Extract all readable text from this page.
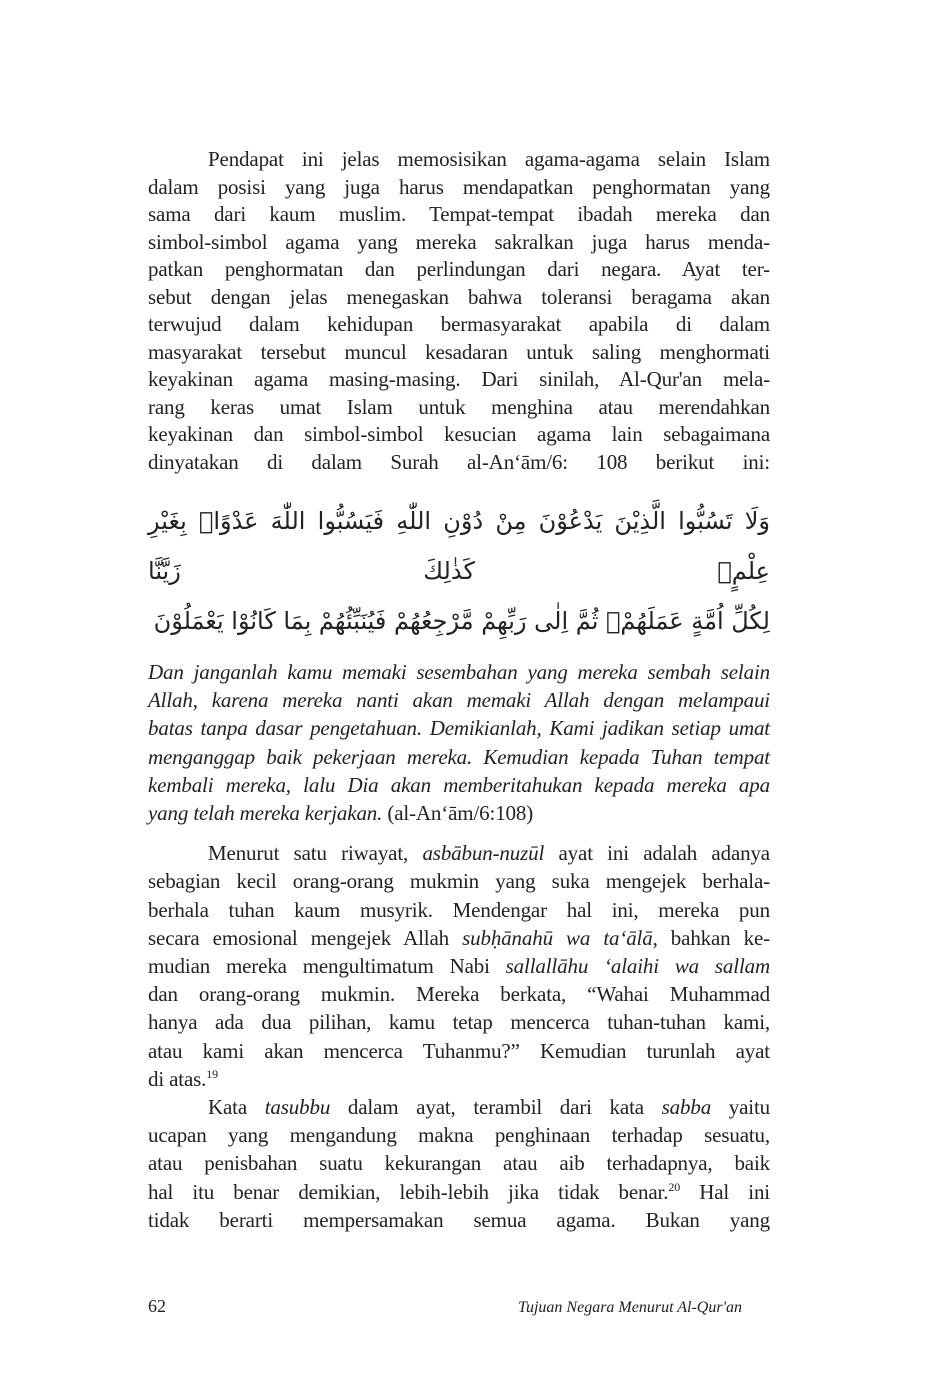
Pendapat ini jelas memosisikan agama-agama selain Islam
dalam posisi yang juga harus mendapatkan penghormatan yang
sama dari kaum muslim. Tempat-tempat ibadah mereka dan
simbol-simbol agama yang mereka sakralkan juga harus menda-
patkan penghormatan dan perlindungan dari negara. Ayat ter-
sebut dengan jelas menegaskan bahwa toleransi beragama akan
terwujud dalam kehidupan bermasyarakat apabila di dalam
masyarakat tersebut muncul kesadaran untuk saling menghormati
keyakinan agama masing-masing. Dari sinilah, Al-Qur'an mela-
rang keras umat Islam untuk menghina atau merendahkan
keyakinan dan simbol-simbol kesucian agama lain sebagaimana
dinyatakan di dalam Surah al-An‘ām/6: 108 berikut ini:
وَلَا تَسُبُّوا الَّذِيْنَ يَدْعُوْنَ مِنْ دُوْنِ اللّٰهِ فَيَسُبُّوا اللّٰهَ عَدْوًاۢ بِغَيْرِ عِلْمٍۗ كَذٰلِكَ زَيَّنَّا
لِكُلِّ اُمَّةٍ عَمَلَهُمْۖ ثُمَّ اِلٰى رَبِّهِمْ مَّرْجِعُهُمْ فَيُنَبِّئُهُمْ بِمَا كَانُوْا يَعْمَلُوْنَ
Dan janganlah kamu memaki sesembahan yang mereka sembah selain
Allah, karena mereka nanti akan memaki Allah dengan melampaui
batas tanpa dasar pengetahuan. Demikianlah, Kami jadikan setiap umat
menganggap baik pekerjaan mereka. Kemudian kepada Tuhan tempat
kembali mereka, lalu Dia akan memberitahukan kepada mereka apa
yang telah mereka kerjakan. (al-An‘ām/6:108)
Menurut satu riwayat, asbābun-nuzūl ayat ini adalah adanya
sebagian kecil orang-orang mukmin yang suka mengejek berhala-
berhala tuhan kaum musyrik. Mendengar hal ini, mereka pun
secara emosional mengejek Allah subḥānahū wa ta‘ālā, bahkan ke-
mudian mereka mengultimatum Nabi sallallāhu ‘alaihi wa sallam
dan orang-orang mukmin. Mereka berkata, “Wahai Muhammad
hanya ada dua pilihan, kamu tetap mencerca tuhan-tuhan kami,
atau kami akan mencerca Tuhanmu?” Kemudian turunlah ayat
di atas.$^{19}$
Kata tasubbu dalam ayat, terambil dari kata sabba yaitu
ucapan yang mengandung makna penghinaan terhadap sesuatu,
atau penisbahan suatu kekurangan atau aib terhadapnya, baik
hal itu benar demikian, lebih-lebih jika tidak benar.$^{20}$ Hal ini
tidak berarti mempersamakan semua agama. Bukan yang
62	Tujuan Negara Menurut Al-Qur'an
